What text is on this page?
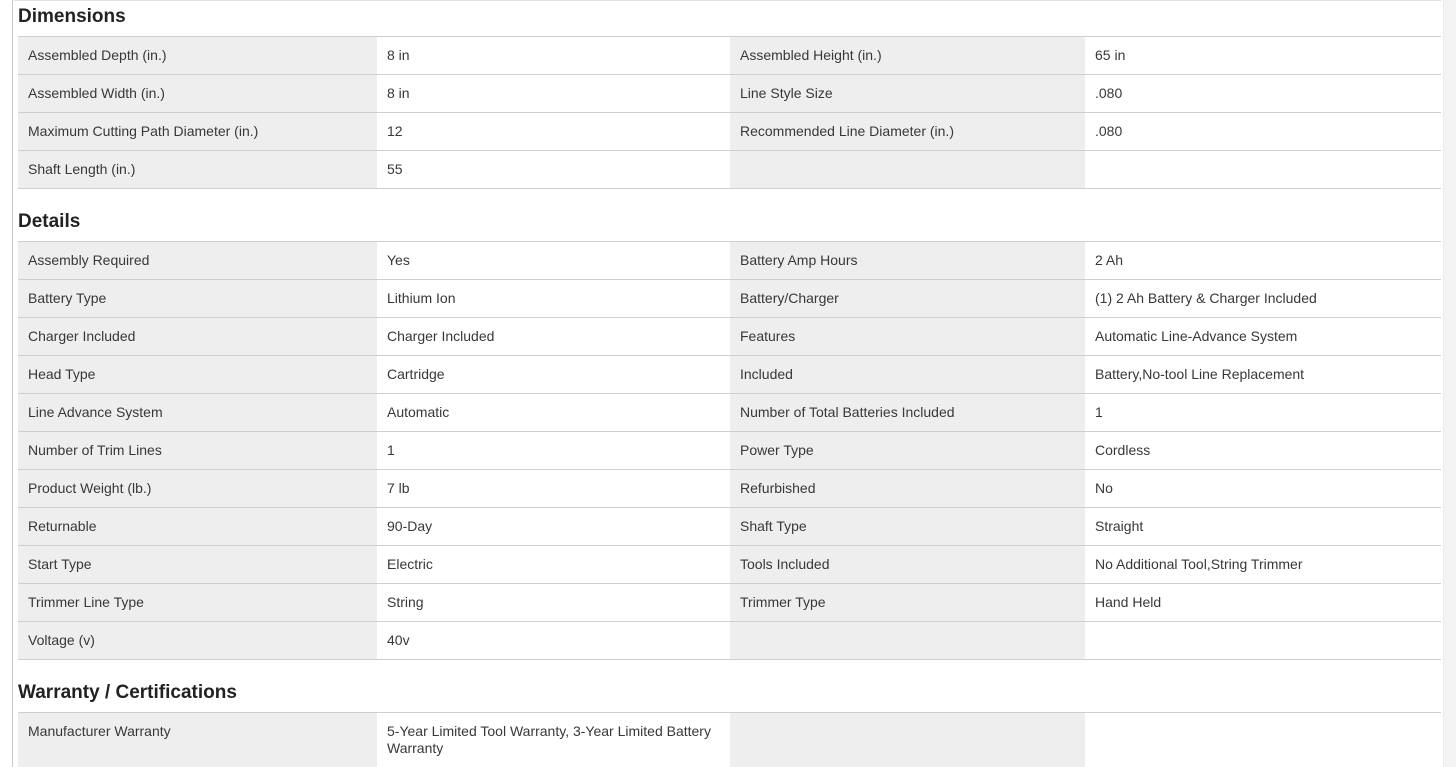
Dimensions
Assembled Depth (in.)	8 in	Assembled Height (in.)	65 in
Assembled Width (in.)	8 in	Line Style Size	.080
Maximum Cutting Path Diameter (in.)	12	Recommended Line Diameter (in.)	.080
Shaft Length (in.)	55
Details
Assembly Required	Yes	Battery Amp Hours	2 Ah
Battery Type	Lithium Ion	Battery/Charger	(1) 2 Ah Battery & Charger Included
Charger Included	Charger Included	Features	Automatic Line-Advance System
Head Type	Cartridge	Included	Battery,No-tool Line Replacement
Line Advance System	Automatic	Number of Total Batteries Included	1
Number of Trim Lines	1	Power Type	Cordless
Product Weight (lb.)	7 lb	Refurbished	No
Returnable	90-Day	Shaft Type	Straight
Start Type	Electric	Tools Included	No Additional Tool,String Trimmer
Trimmer Line Type	String	Trimmer Type	Hand Held
Voltage (v)	40v
Warranty / Certifications
Manufacturer Warranty	5-Year Limited Tool Warranty, 3-Year Limited Battery Warranty
